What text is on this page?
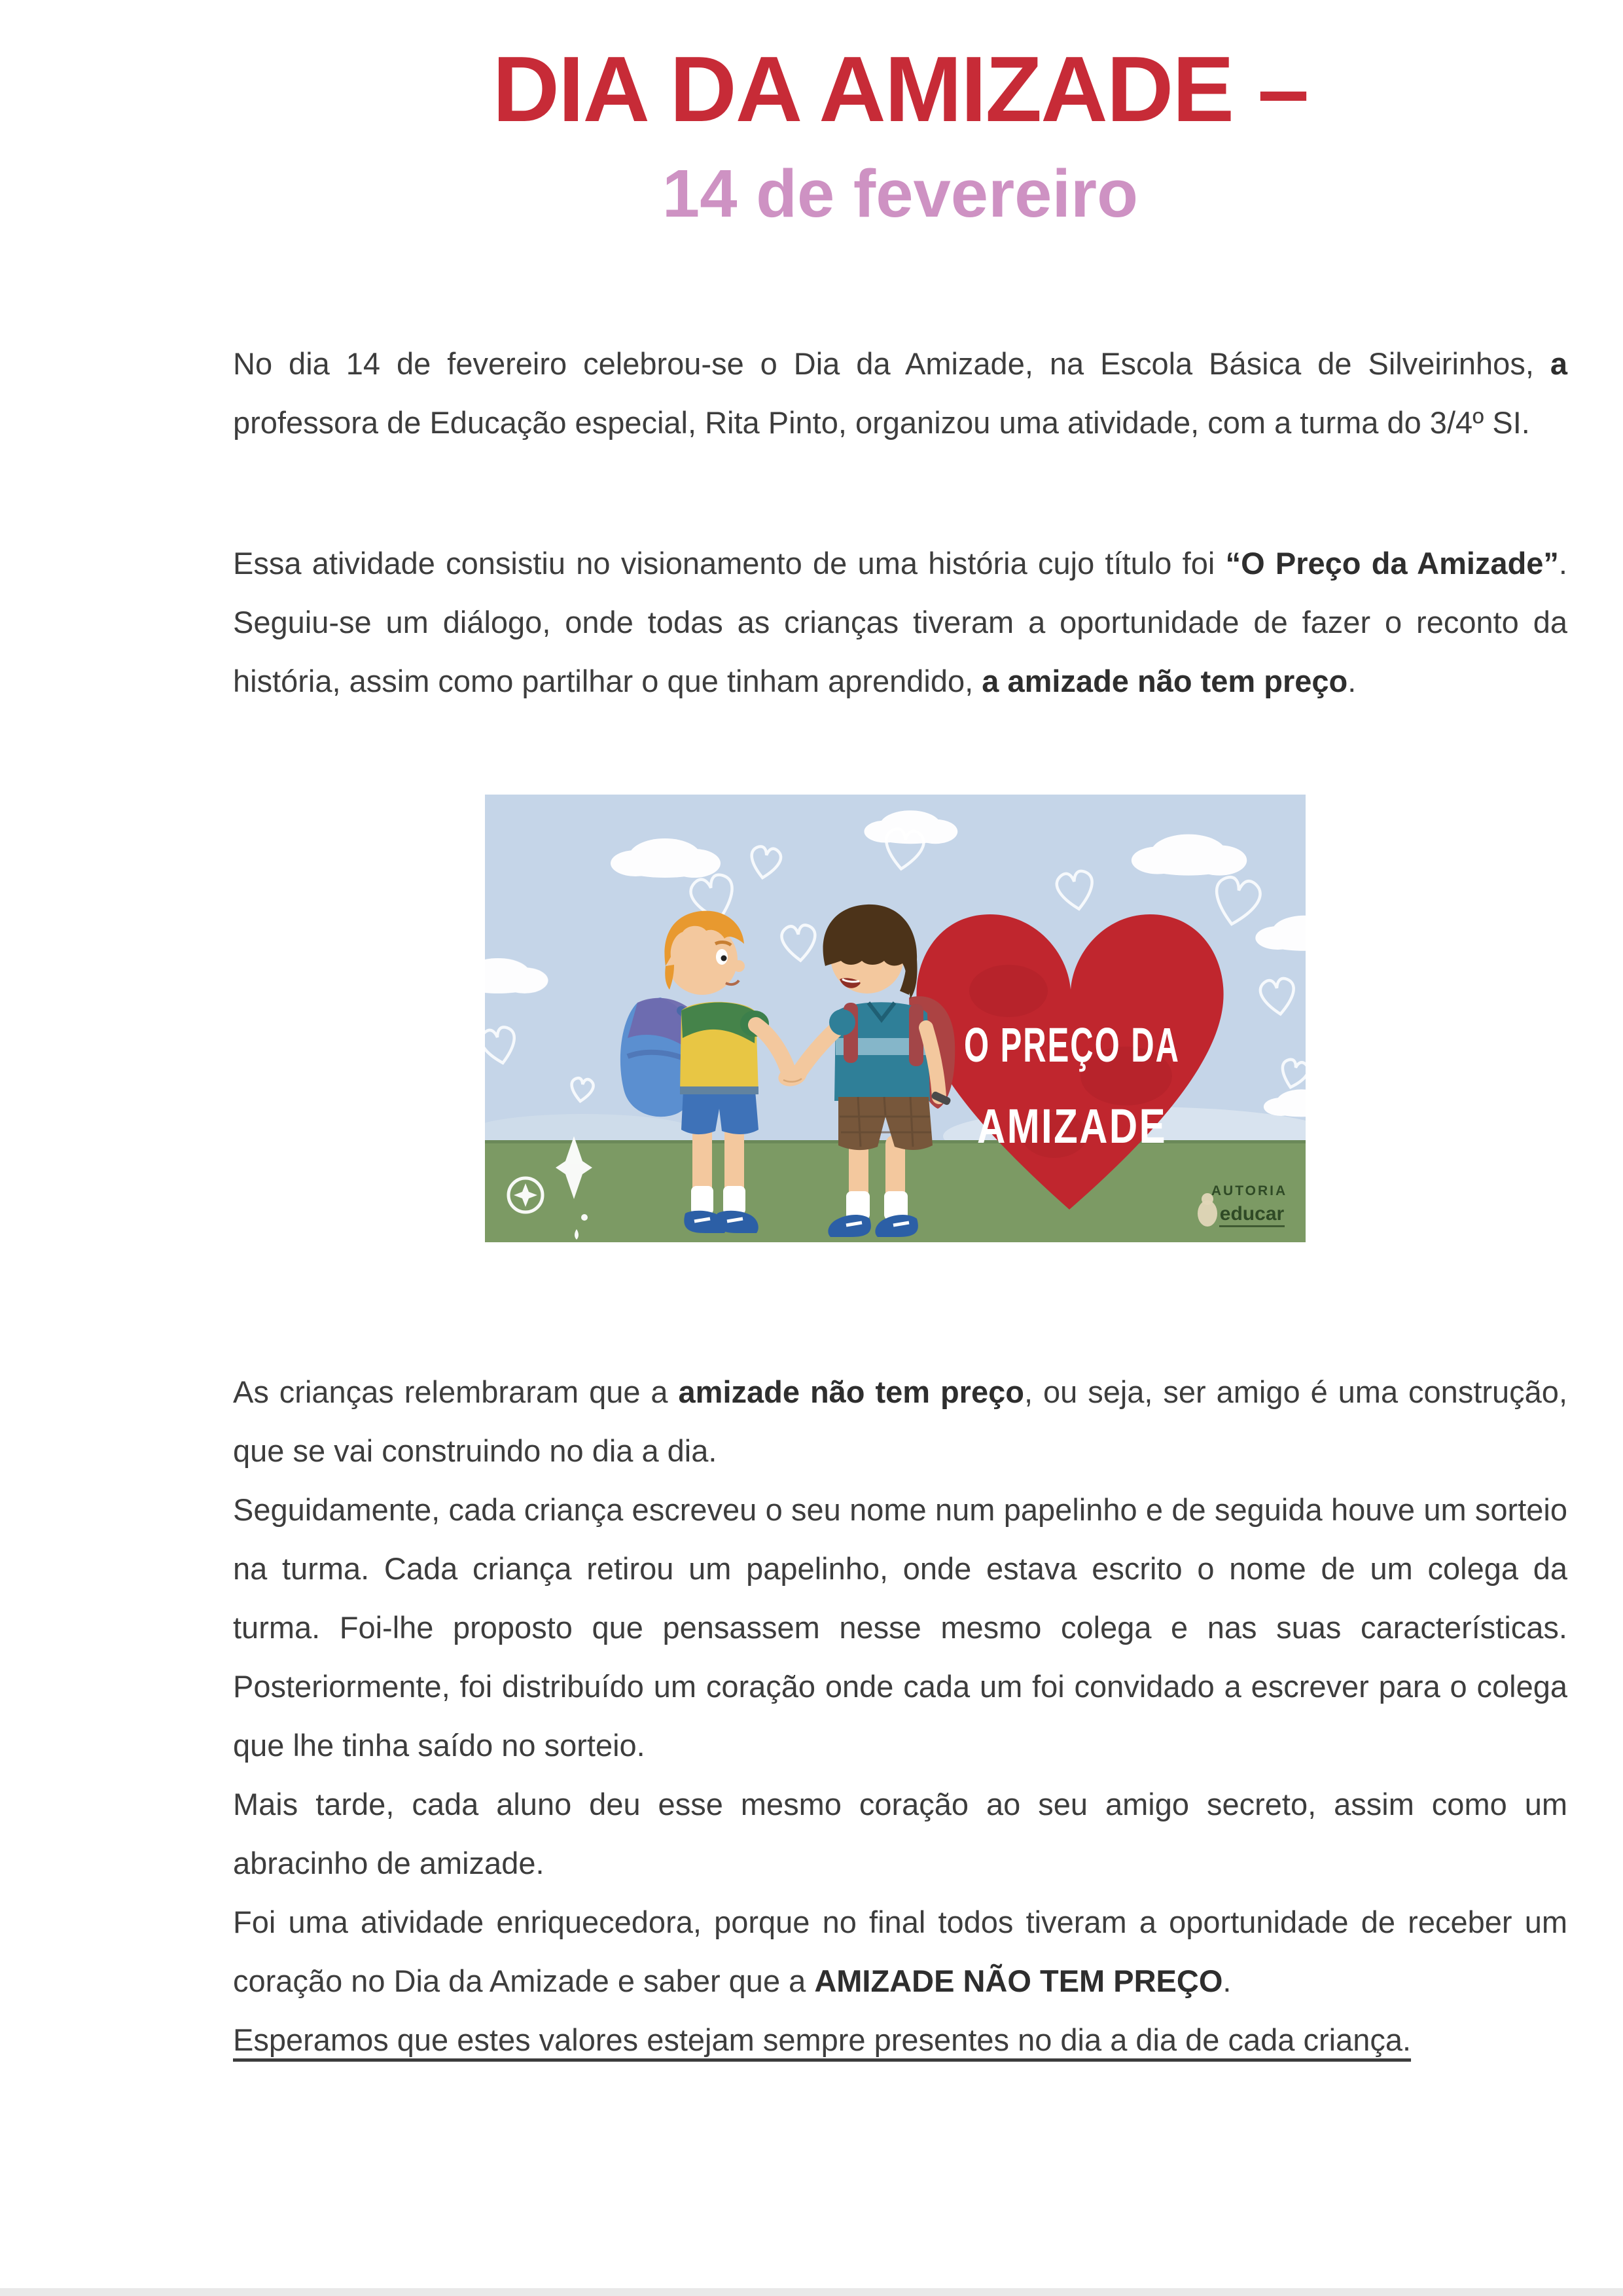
DIA DA AMIZADE –
14 de fevereiro

No dia 14 de fevereiro celebrou-se o Dia da Amizade, na Escola Básica de Silveirinhos, a professora de Educação especial, Rita Pinto, organizou uma atividade, com a turma do 3/4º SI.

Essa atividade consistiu no visionamento de uma história cujo título foi “O Preço da Amizade”. Seguiu-se um diálogo, onde todas as crianças tiveram a oportunidade de fazer o reconto da história, assim como partilhar o que tinham aprendido, a amizade não tem preço.

O PREÇO DA
AMIZADE
AUTORIA
educar

As crianças relembraram que a amizade não tem preço, ou seja, ser amigo é uma construção, que se vai construindo no dia a dia.

Seguidamente, cada criança escreveu o seu nome num papelinho e de seguida houve um sorteio na turma. Cada criança retirou um papelinho, onde estava escrito o nome de um colega da turma. Foi-lhe proposto que pensassem nesse mesmo colega e nas suas características. Posteriormente, foi distribuído um coração onde cada um foi convidado a escrever para o colega que lhe tinha saído no sorteio.

Mais tarde, cada aluno deu esse mesmo coração ao seu amigo secreto, assim como um abracinho de amizade.

Foi uma atividade enriquecedora, porque no final todos tiveram a oportunidade de receber um coração no Dia da Amizade e saber que a AMIZADE NÃO TEM PREÇO.

Esperamos que estes valores estejam sempre presentes no dia a dia de cada criança.
